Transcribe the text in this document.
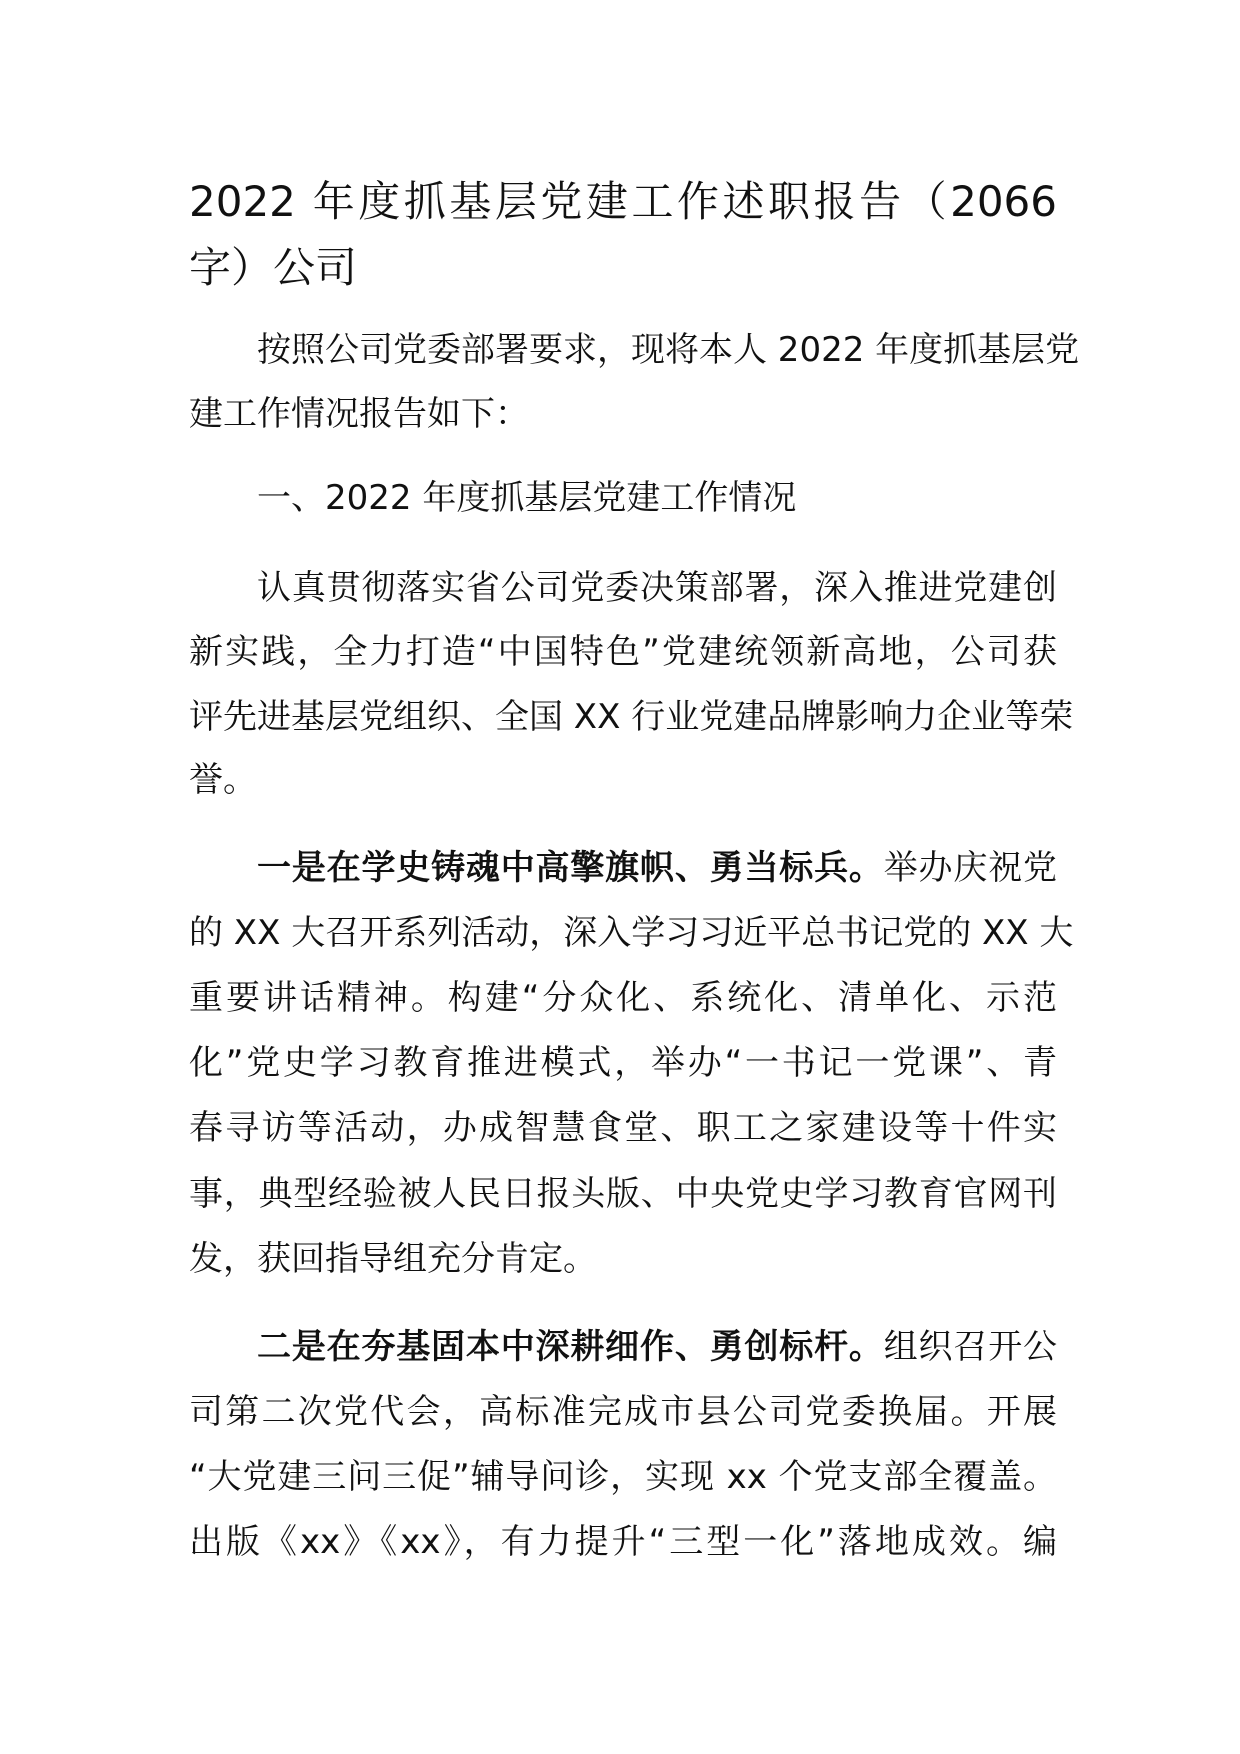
2022 年度抓基层党建工作述职报告（2066
字）公司
按照公司党委部署要求，现将本人 2022 年度抓基层党
建工作情况报告如下：
一、2022 年度抓基层党建工作情况
认真贯彻落实省公司党委决策部署，深入推进党建创
新实践，全力打造“中国特色”党建统领新高地，公司获
评先进基层党组织、全国 XX 行业党建品牌影响力企业等荣
誉。
一是在学史铸魂中高擎旗帜、勇当标兵。举办庆祝党
的 XX 大召开系列活动，深入学习习近平总书记党的 XX 大
重要讲话精神。构建“分众化、系统化、清单化、示范
化”党史学习教育推进模式，举办“一书记一党课”、青
春寻访等活动，办成智慧食堂、职工之家建设等十件实
事，典型经验被人民日报头版、中央党史学习教育官网刊
发，获回指导组充分肯定。
二是在夯基固本中深耕细作、勇创标杆。组织召开公
司第二次党代会，高标准完成市县公司党委换届。开展
“大党建三问三促”辅导问诊，实现 xx 个党支部全覆盖。
出版《xx》《xx》，有力提升“三型一化”落地成效。编
